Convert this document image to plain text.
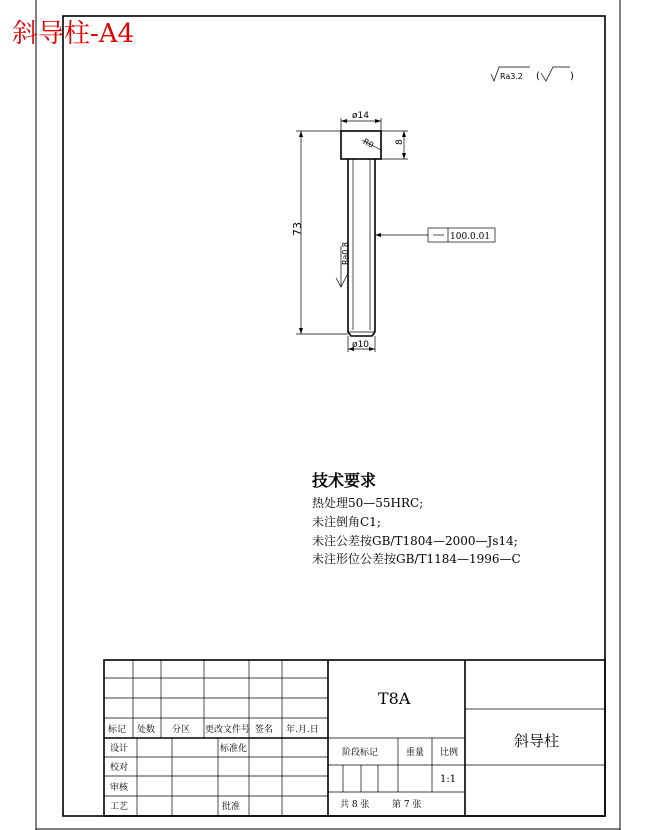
斜导柱-A4
Ra3.2 (	)
ø14
R0 8
73
ø10
Ra0.8
100.0.01
技术要求
热处理50—55HRC;
未注倒角C1;
未注公差按GB/T1804—2000—Js14;
未注形位公差按GB/T1184—1996—C
标记 处数 分区 更改文件号 签名 年.月.日
设计	标准化
校对
审核
工艺	批准
T8A
阶段标记	重量 比例
1:1
共 8 张	第 7 张
斜导柱
